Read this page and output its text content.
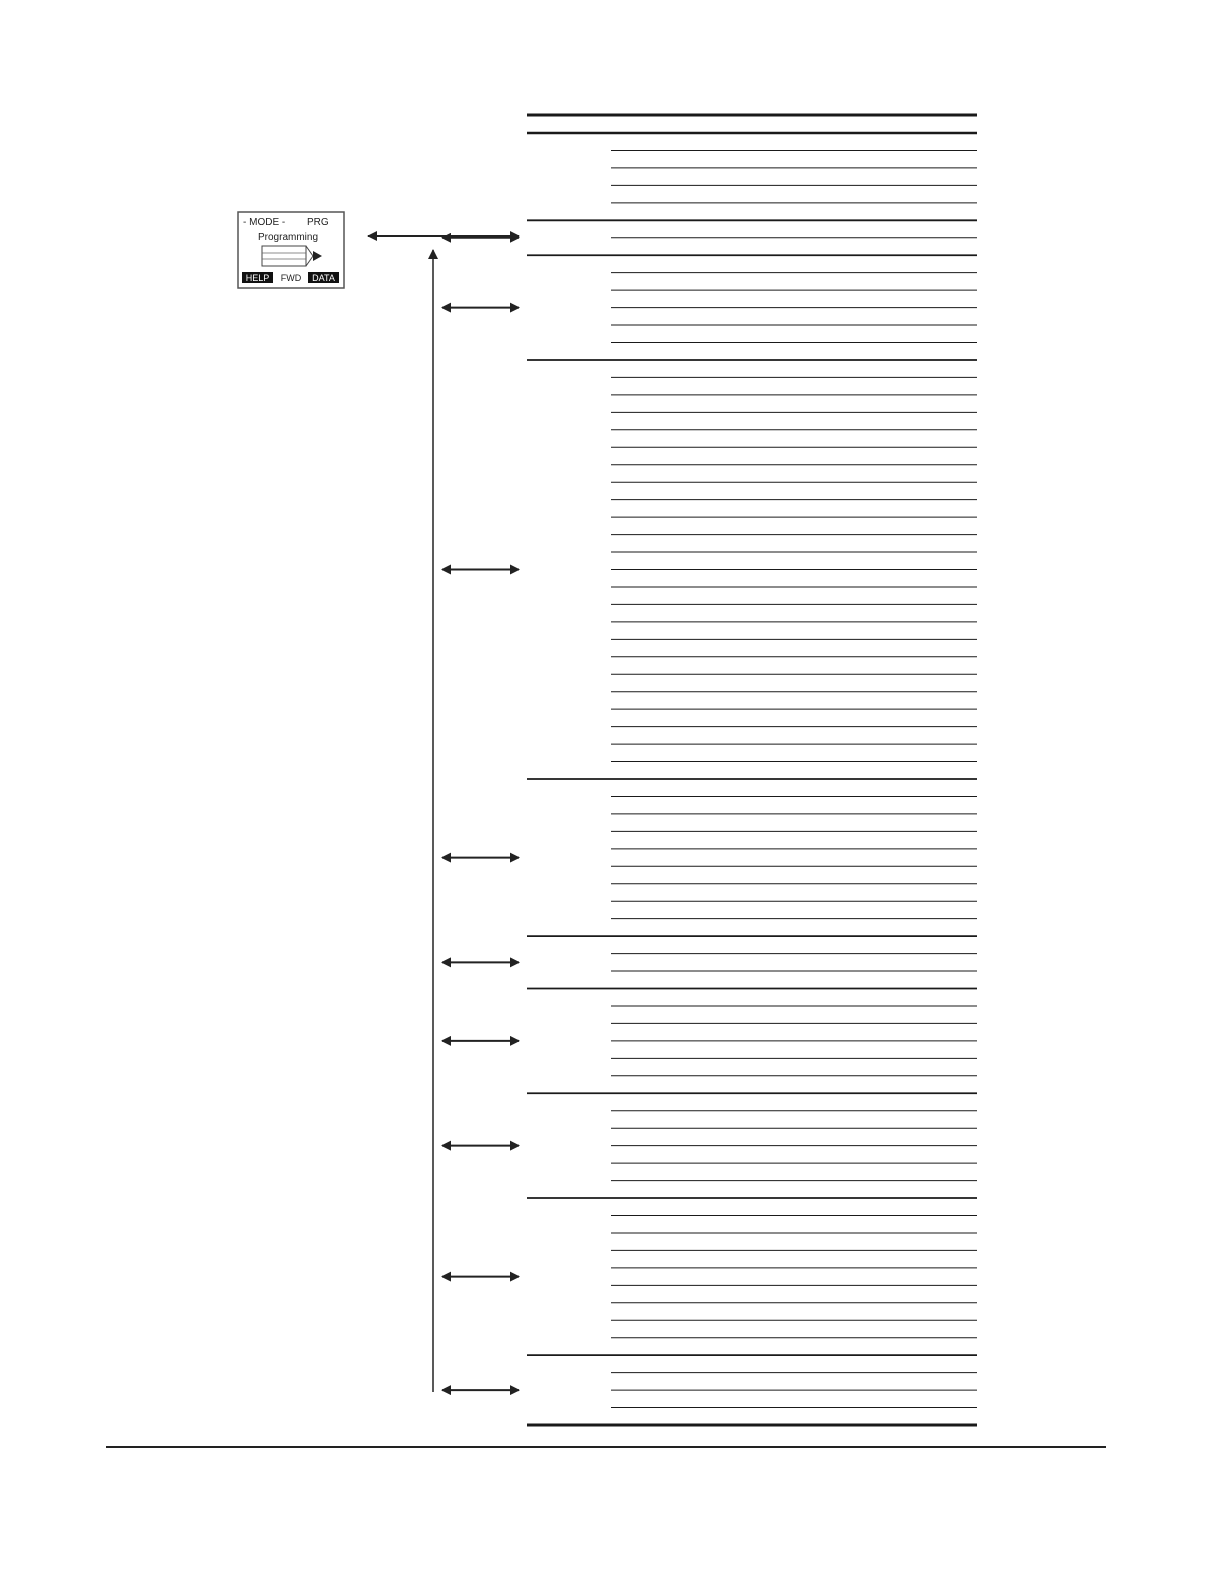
- MODE - PRG
Programming
HELP FWD DATA
